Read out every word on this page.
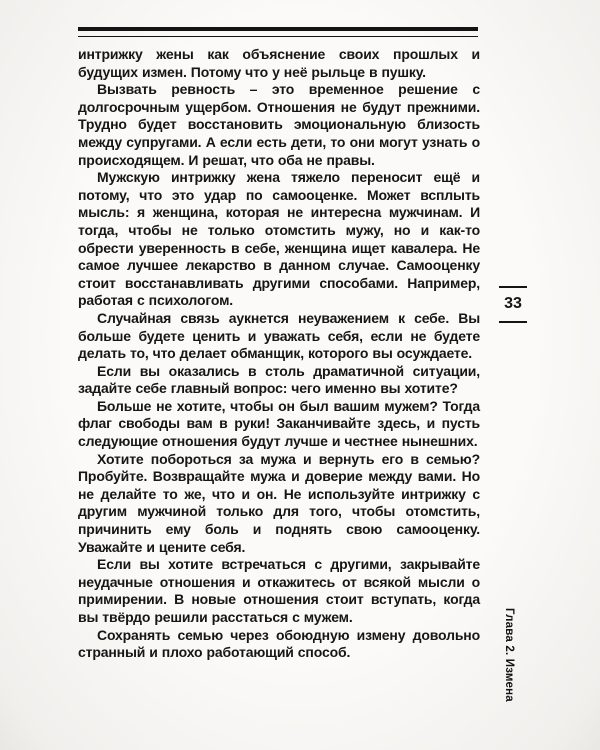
интрижку жены как объяснение своих прошлых и будущих измен. Потому что у неё рыльце в пушку.

Вызвать ревность – это временное решение с долгосрочным ущербом. Отношения не будут прежними. Трудно будет восстановить эмоциональную близость между супругами. А если есть дети, то они могут узнать о происходящем. И решат, что оба не правы.

Мужскую интрижку жена тяжело переносит ещё и потому, что это удар по самооценке. Может всплыть мысль: я женщина, которая не интересна мужчинам. И тогда, чтобы не только отомстить мужу, но и как-то обрести уверенность в себе, женщина ищет кавалера. Не самое лучшее лекарство в данном случае. Самооценку стоит восстанавливать другими способами. Например, работая с психологом.

Случайная связь аукнется неуважением к себе. Вы больше будете ценить и уважать себя, если не будете делать то, что делает обманщик, которого вы осуждаете.

Если вы оказались в столь драматичной ситуации, задайте себе главный вопрос: чего именно вы хотите?

Больше не хотите, чтобы он был вашим мужем? Тогда флаг свободы вам в руки! Заканчивайте здесь, и пусть следующие отношения будут лучше и честнее нынешних.

Хотите побороться за мужа и вернуть его в семью? Пробуйте. Возвращайте мужа и доверие между вами. Но не делайте то же, что и он. Не используйте интрижку с другим мужчиной только для того, чтобы отомстить, причинить ему боль и поднять свою самооценку. Уважайте и цените себя.

Если вы хотите встречаться с другими, закрывайте неудачные отношения и откажитесь от всякой мысли о примирении. В новые отношения стоит вступать, когда вы твёрдо решили расстаться с мужем.

Сохранять семью через обоюдную измену довольно странный и плохо работающий способ.

33
Глава 2. Измена
